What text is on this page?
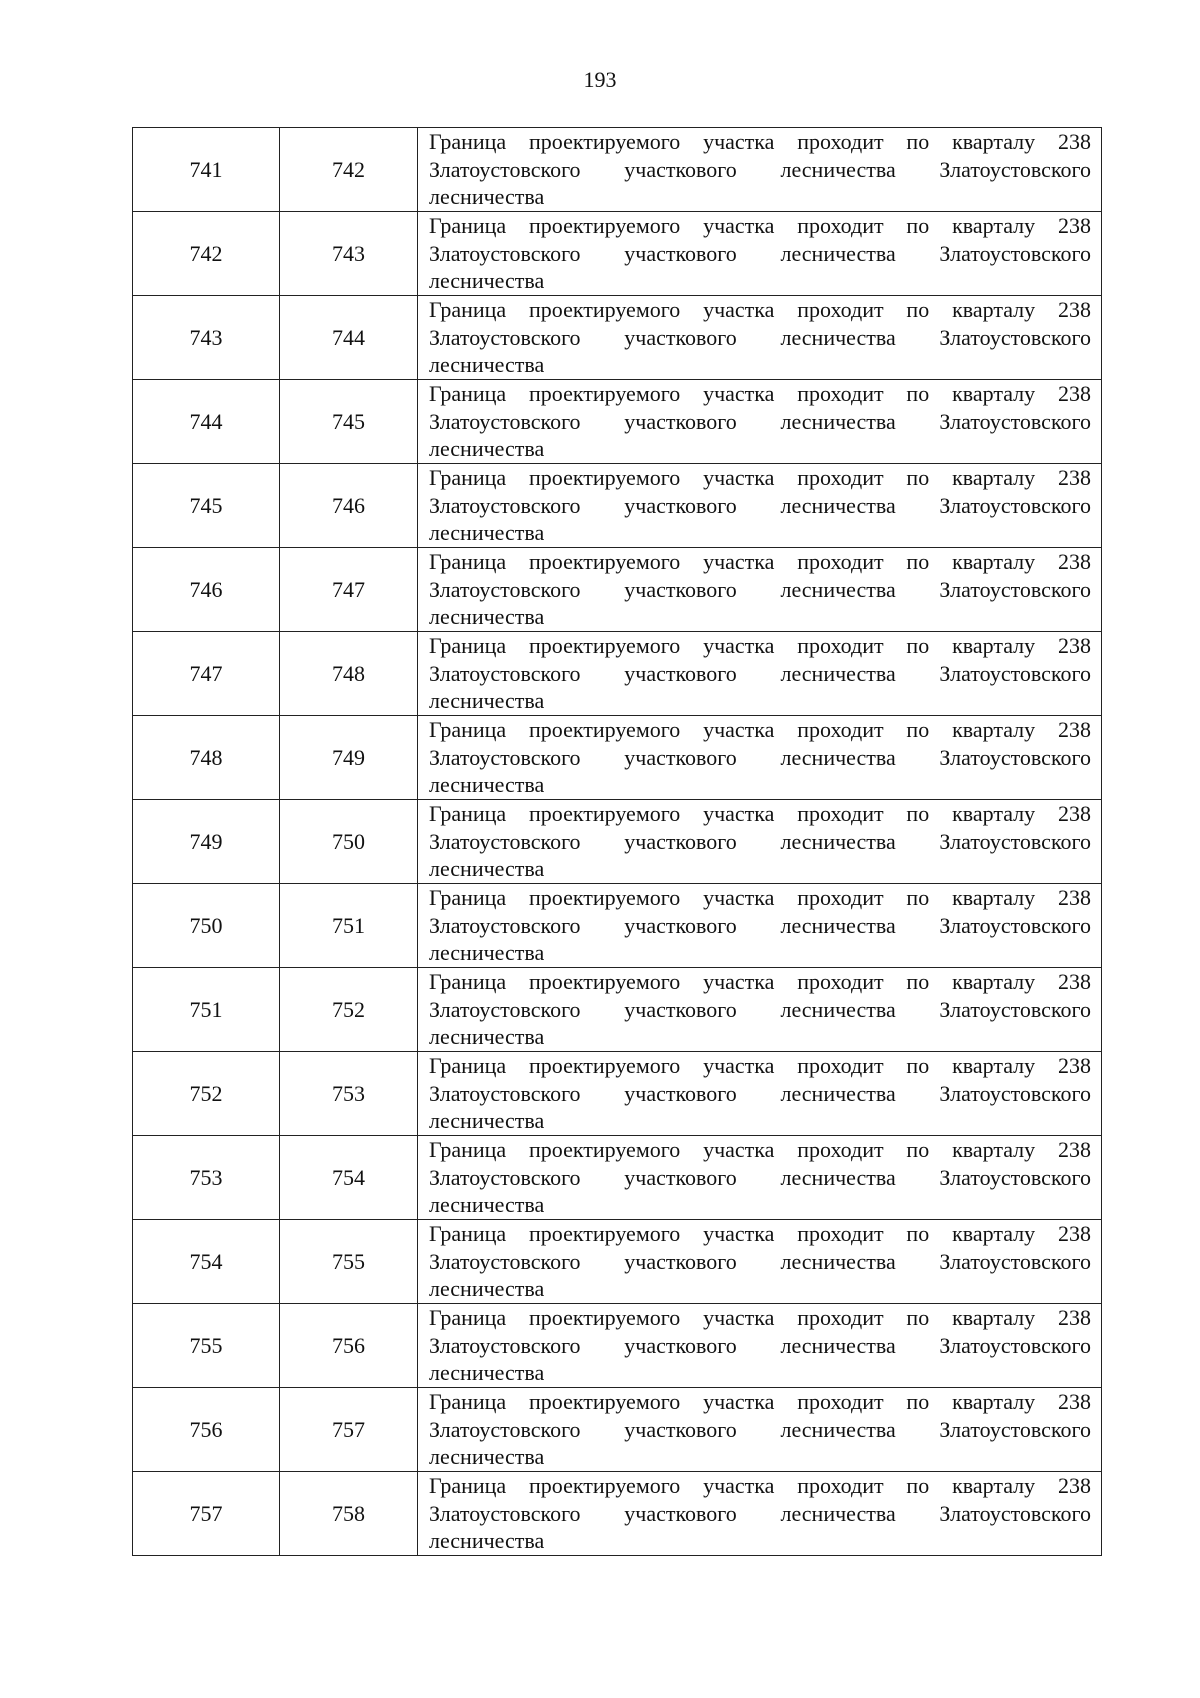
193
741	742	Граница проектируемого участка проходит по кварталу 238 Златоустовского участкового лесничества Златоустовского лесничества
742	743	Граница проектируемого участка проходит по кварталу 238 Златоустовского участкового лесничества Златоустовского лесничества
743	744	Граница проектируемого участка проходит по кварталу 238 Златоустовского участкового лесничества Златоустовского лесничества
744	745	Граница проектируемого участка проходит по кварталу 238 Златоустовского участкового лесничества Златоустовского лесничества
745	746	Граница проектируемого участка проходит по кварталу 238 Златоустовского участкового лесничества Златоустовского лесничества
746	747	Граница проектируемого участка проходит по кварталу 238 Златоустовского участкового лесничества Златоустовского лесничества
747	748	Граница проектируемого участка проходит по кварталу 238 Златоустовского участкового лесничества Златоустовского лесничества
748	749	Граница проектируемого участка проходит по кварталу 238 Златоустовского участкового лесничества Златоустовского лесничества
749	750	Граница проектируемого участка проходит по кварталу 238 Златоустовского участкового лесничества Златоустовского лесничества
750	751	Граница проектируемого участка проходит по кварталу 238 Златоустовского участкового лесничества Златоустовского лесничества
751	752	Граница проектируемого участка проходит по кварталу 238 Златоустовского участкового лесничества Златоустовского лесничества
752	753	Граница проектируемого участка проходит по кварталу 238 Златоустовского участкового лесничества Златоустовского лесничества
753	754	Граница проектируемого участка проходит по кварталу 238 Златоустовского участкового лесничества Златоустовского лесничества
754	755	Граница проектируемого участка проходит по кварталу 238 Златоустовского участкового лесничества Златоустовского лесничества
755	756	Граница проектируемого участка проходит по кварталу 238 Златоустовского участкового лесничества Златоустовского лесничества
756	757	Граница проектируемого участка проходит по кварталу 238 Златоустовского участкового лесничества Златоустовского лесничества
757	758	Граница проектируемого участка проходит по кварталу 238 Златоустовского участкового лесничества Златоустовского лесничества
